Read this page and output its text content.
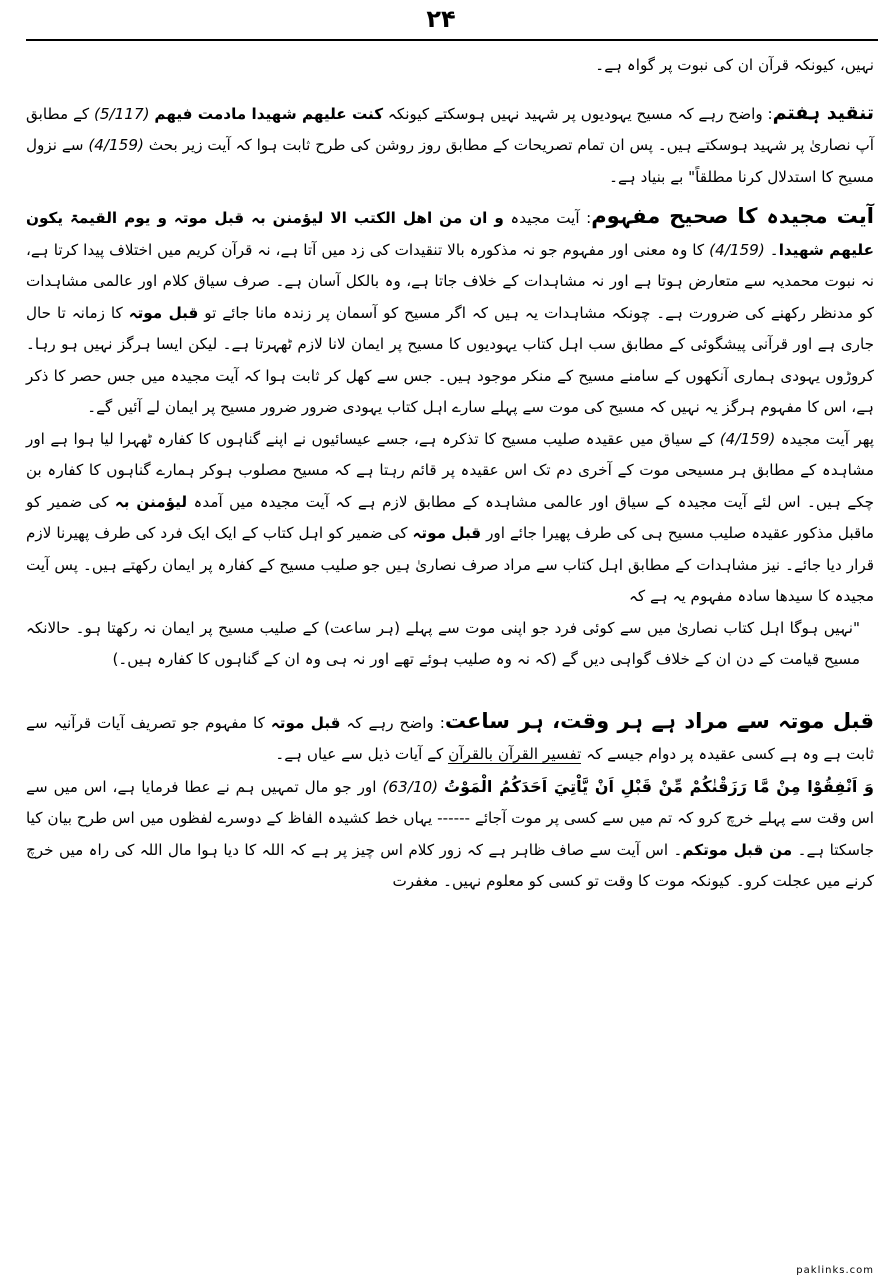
۲۴

نہیں، کیونکہ قرآن ان کی نبوت پر گواہ ہے۔

تنقید ہفتم: واضح رہے کہ مسیح یہودیوں پر شہید نہیں ہوسکتے کیونکہ کنت علیھم شھیدا مادمت فیھم (5/117) کے مطابق آپ نصاریٰ پر شہید ہوسکتے ہیں۔ پس ان تمام تصریحات کے مطابق روز روشن کی طرح ثابت ہوا کہ آیت زیر بحث (4/159) سے نزول مسیح کا استدلال کرنا مطلقاً" بے بنیاد ہے۔

آیت مجیدہ کا صحیح مفہوم: آیت مجیدہ و ان من اھل الکتب الا لیؤمنن بہ قبل موتہ و یوم القیمۃ یکون علیھم شھیدا۔ (4/159) کا وہ معنی اور مفہوم جو نہ مذکورہ بالا تنقیدات کی زد میں آتا ہے، نہ قرآن کریم میں اختلاف پیدا کرتا ہے، نہ نبوت محمدیہ سے متعارض ہوتا ہے اور نہ مشاہدات کے خلاف جاتا ہے، وہ بالکل آسان ہے۔ صرف سیاق کلام اور عالمی مشاہدات کو مدنظر رکھنے کی ضرورت ہے۔ چونکہ مشاہدات یہ ہیں کہ اگر مسیح کو آسمان پر زندہ مانا جائے تو قبل موتہ کا زمانہ تا حال جاری ہے اور قرآنی پیشگوئی کے مطابق سب اہل کتاب یہودیوں کا مسیح پر ایمان لانا لازم ٹھہرتا ہے۔ لیکن ایسا ہرگز نہیں ہو رہا۔ کروڑوں یہودی ہماری آنکھوں کے سامنے مسیح کے منکر موجود ہیں۔ جس سے کھل کر ثابت ہوا کہ آیت مجیدہ میں جس حصر کا ذکر ہے، اس کا مفہوم ہرگز یہ نہیں کہ مسیح کی موت سے پہلے سارے اہل کتاب یہودی ضرور ضرور مسیح پر ایمان لے آئیں گے۔

پھر آیت مجیدہ (4/159) کے سیاق میں عقیدہ صلیب مسیح کا تذکرہ ہے، جسے عیسائیوں نے اپنے گناہوں کا کفارہ ٹھہرا لیا ہوا ہے اور مشاہدہ کے مطابق ہر مسیحی موت کے آخری دم تک اس عقیدہ پر قائم رہتا ہے کہ مسیح مصلوب ہوکر ہمارے گناہوں کا کفارہ بن چکے ہیں۔ اس لئے آیت مجیدہ کے سیاق اور عالمی مشاہدہ کے مطابق لازم ہے کہ آیت مجیدہ میں آمدہ لیؤمنن بہ کی ضمیر کو ماقبل مذکور عقیدہ صلیب مسیح ہی کی طرف پھیرا جائے اور قبل موتہ کی ضمیر کو اہل کتاب کے ایک ایک فرد کی طرف پھیرنا لازم قرار دیا جائے۔ نیز مشاہدات کے مطابق اہل کتاب سے مراد صرف نصاریٰ ہیں جو صلیب مسیح کے کفارہ پر ایمان رکھتے ہیں۔ پس آیت مجیدہ کا سیدھا سادہ مفہوم یہ ہے کہ

"نہیں ہوگا اہل کتاب نصاریٰ میں سے کوئی فرد جو اپنی موت سے پہلے (ہر ساعت) کے صلیب مسیح پر ایمان نہ رکھتا ہو۔ حالانکہ مسیح قیامت کے دن ان کے خلاف گواہی دیں گے (کہ نہ وہ صلیب ہوئے تھے اور نہ ہی وہ ان کے گناہوں کا کفارہ ہیں۔)

قبل موتہ سے مراد ہے ہر وقت، ہر ساعت: واضح رہے کہ قبل موتہ کا مفہوم جو تصریف آیات قرآنیہ سے ثابت ہے وہ ہے کسی عقیدہ پر دوام جیسے کہ تفسیر القرآن بالقرآن کے آیات ذیل سے عیاں ہے۔

وَ اَنْفِقُوْا مِنْ مَّا رَزَقْنٰكُمْ مِّنْ قَبْلِ اَنْ يَّاْتِيَ اَحَدَكُمُ الْمَوْتُ (63/10) اور جو مال تمہیں ہم نے عطا فرمایا ہے، اس میں سے اس وقت سے پہلے خرچ کرو کہ تم میں سے کسی پر موت آجائے ------ یہاں خط کشیدہ الفاظ کے دوسرے لفظوں میں اس طرح بیان کیا جاسکتا ہے۔ من قبل موتکم۔ اس آیت سے صاف ظاہر ہے کہ زور کلام اس چیز پر ہے کہ اللہ کا دیا ہوا مال اللہ کی راہ میں خرچ کرنے میں عجلت کرو۔ کیونکہ موت کا وقت تو کسی کو معلوم نہیں۔ مغفرت

paklinks.com
